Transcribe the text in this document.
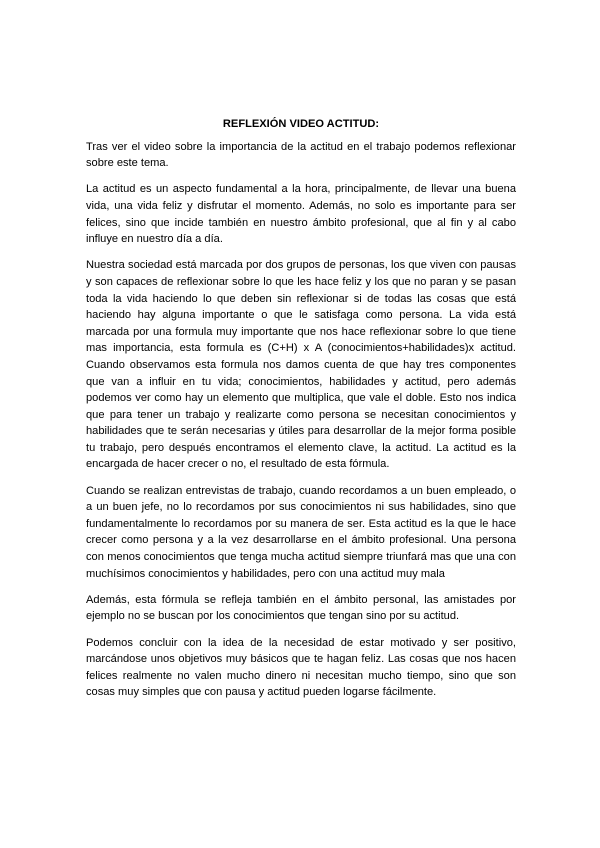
REFLEXIÓN VIDEO ACTITUD:

Tras ver el video sobre la importancia de la actitud en el trabajo podemos reflexionar sobre este tema.

La actitud es un aspecto fundamental a la hora, principalmente, de llevar una buena vida, una vida feliz y disfrutar el momento. Además, no solo es importante para ser felices, sino que incide también en nuestro ámbito profesional, que al fin y al cabo influye en nuestro día a día.

Nuestra sociedad está marcada por dos grupos de personas, los que viven con pausas y son capaces de reflexionar sobre lo que les hace feliz y los que no paran y se pasan toda la vida haciendo lo que deben sin reflexionar si de todas las cosas que está haciendo hay alguna importante o que le satisfaga como persona. La vida está marcada por una formula muy importante que nos hace reflexionar sobre lo que tiene mas importancia, esta formula es (C+H) x A (conocimientos+habilidades)x actitud. Cuando observamos esta formula nos damos cuenta de que hay tres componentes que van a influir en tu vida; conocimientos, habilidades y actitud, pero además podemos ver como hay un elemento que multiplica, que vale el doble. Esto nos indica que para tener un trabajo y realizarte como persona se necesitan conocimientos y habilidades que te serán necesarias y útiles para desarrollar de la mejor forma posible tu trabajo, pero después encontramos el elemento clave, la actitud. La actitud es la encargada de hacer crecer o no, el resultado de esta fórmula.

Cuando se realizan entrevistas de trabajo, cuando recordamos a un buen empleado, o a un buen jefe, no lo recordamos por sus conocimientos ni sus habilidades, sino que fundamentalmente lo recordamos por su manera de ser. Esta actitud es la que le hace crecer como persona y a la vez desarrollarse en el ámbito profesional. Una persona con menos conocimientos que tenga mucha actitud siempre triunfará mas que una con muchísimos conocimientos y habilidades, pero con una actitud muy mala

Además, esta fórmula se refleja también en el ámbito personal, las amistades por ejemplo no se buscan por los conocimientos que tengan sino por su actitud.

Podemos concluir con la idea de la necesidad de estar motivado y ser positivo, marcándose unos objetivos muy básicos que te hagan feliz. Las cosas que nos hacen felices realmente no valen mucho dinero ni necesitan mucho tiempo, sino que son cosas muy simples que con pausa y actitud pueden logarse fácilmente.
